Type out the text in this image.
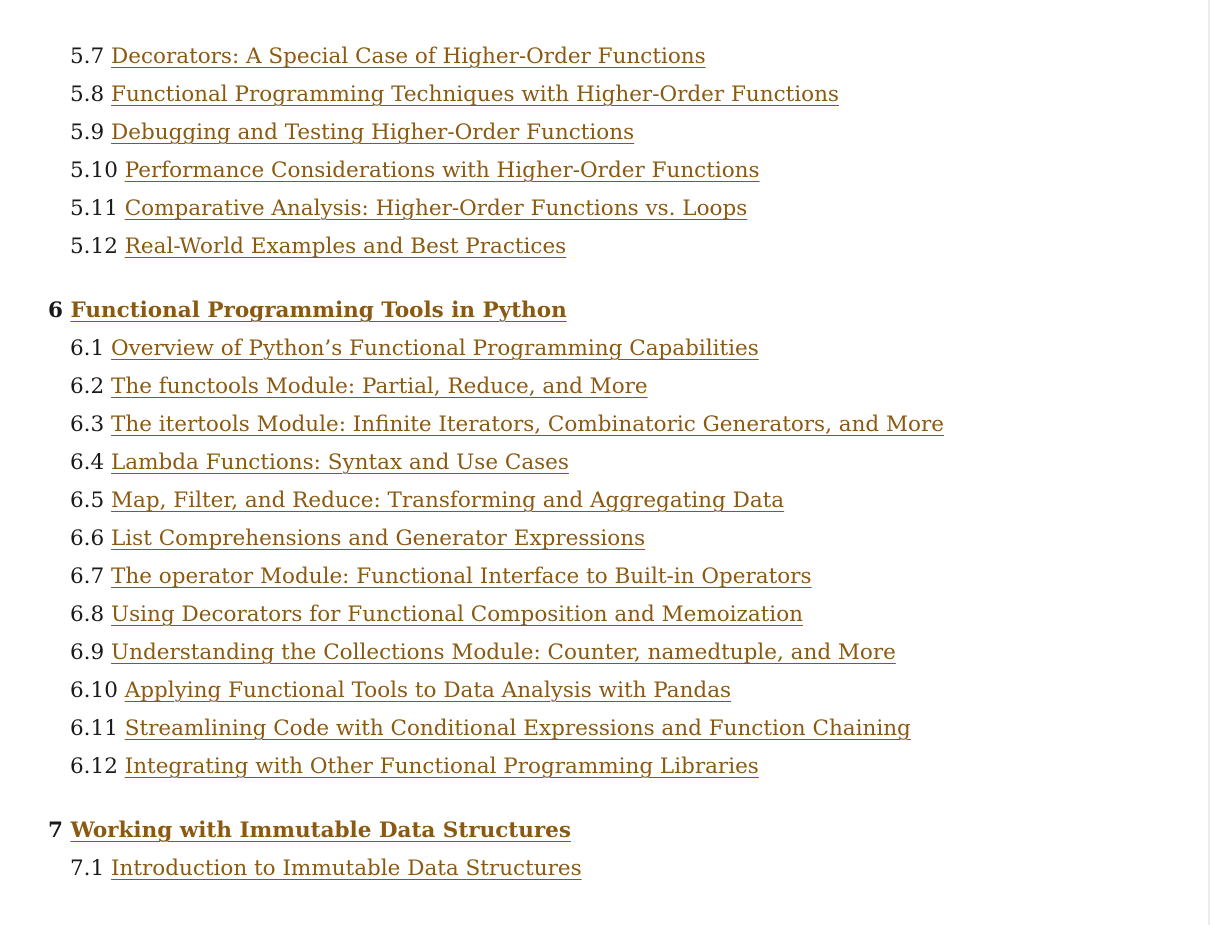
5.7 Decorators: A Special Case of Higher-Order Functions
5.8 Functional Programming Techniques with Higher-Order Functions
5.9 Debugging and Testing Higher-Order Functions
5.10 Performance Considerations with Higher-Order Functions
5.11 Comparative Analysis: Higher-Order Functions vs. Loops
5.12 Real-World Examples and Best Practices
6 Functional Programming Tools in Python
6.1 Overview of Python’s Functional Programming Capabilities
6.2 The functools Module: Partial, Reduce, and More
6.3 The itertools Module: Infinite Iterators, Combinatoric Generators, and More
6.4 Lambda Functions: Syntax and Use Cases
6.5 Map, Filter, and Reduce: Transforming and Aggregating Data
6.6 List Comprehensions and Generator Expressions
6.7 The operator Module: Functional Interface to Built-in Operators
6.8 Using Decorators for Functional Composition and Memoization
6.9 Understanding the Collections Module: Counter, namedtuple, and More
6.10 Applying Functional Tools to Data Analysis with Pandas
6.11 Streamlining Code with Conditional Expressions and Function Chaining
6.12 Integrating with Other Functional Programming Libraries
7 Working with Immutable Data Structures
7.1 Introduction to Immutable Data Structures
